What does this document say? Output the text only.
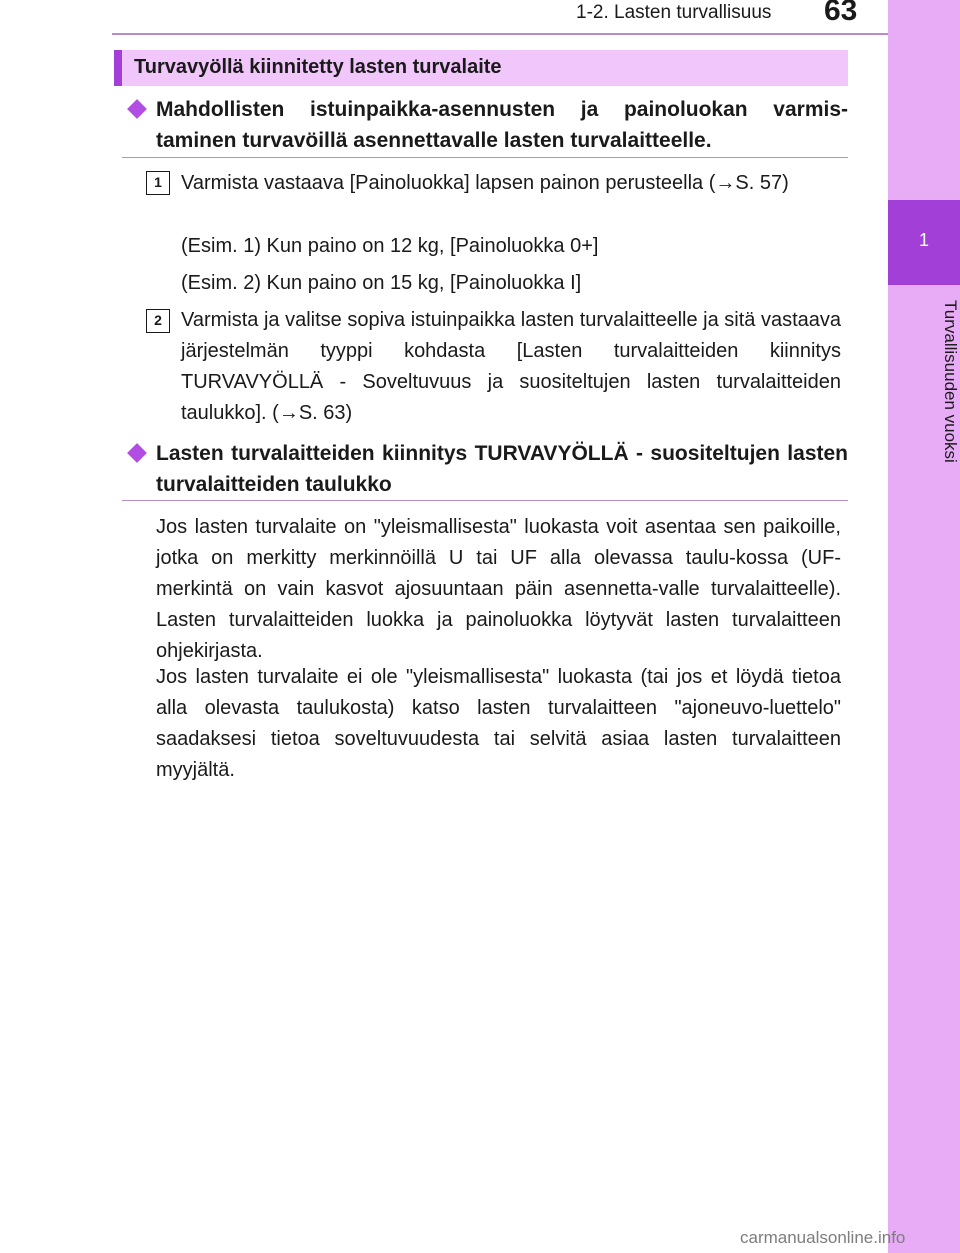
1-2. Lasten turvallisuus 63
1
Turvallisuuden vuoksi
Turvavyöllä kiinnitetty lasten turvalaite
Mahdollisten istuinpaikka-asennusten ja painoluokan varmis-taminen turvavöillä asennettavalle lasten turvalaitteelle.
1 Varmista vastaava [Painoluokka] lapsen painon perusteella (→S. 57)
(Esim. 1) Kun paino on 12 kg, [Painoluokka 0+]
(Esim. 2) Kun paino on 15 kg, [Painoluokka I]
2 Varmista ja valitse sopiva istuinpaikka lasten turvalaitteelle ja sitä vastaava järjestelmän tyyppi kohdasta [Lasten turvalaitteiden kiinnitys TURVAVYÖLLÄ - Soveltuvuus ja suositeltujen lasten turvalaitteiden taulukko]. (→S. 63)
Lasten turvalaitteiden kiinnitys TURVAVYÖLLÄ - suositeltujen lasten turvalaitteiden taulukko
Jos lasten turvalaite on "yleismallisesta" luokasta voit asentaa sen paikoille, jotka on merkitty merkinnöillä U tai UF alla olevassa taulu-kossa (UF-merkintä on vain kasvot ajosuuntaan päin asennetta-valle turvalaitteelle). Lasten turvalaitteiden luokka ja painoluokka löytyvät lasten turvalaitteen ohjekirjasta.
Jos lasten turvalaite ei ole "yleismallisesta" luokasta (tai jos et löydä tietoa alla olevasta taulukosta) katso lasten turvalaitteen "ajoneuvo-luettelo" saadaksesi tietoa soveltuvuudesta tai selvitä asiaa lasten turvalaitteen myyjältä.
carmanualsonline.info
